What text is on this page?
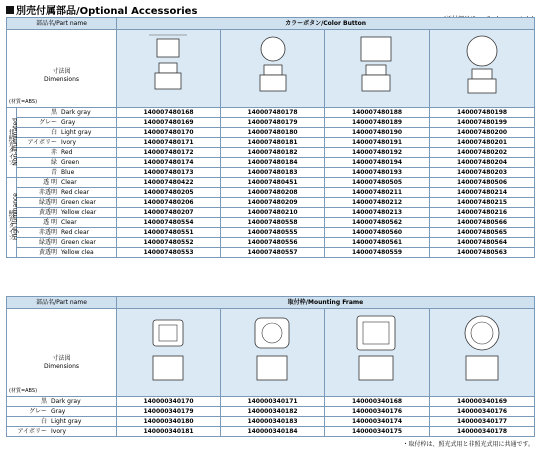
別売付属部品/Optional Accessories
部品名/Part name		カラーボタン/Color Button			

寸法図
Dimensions
(材質=ABS)

非照光タイプNon-illuminated	黒 Dark gray	140007480168	140007480178	140007480188	140007480198
	グレー Gray	140007480169	140007480179	140007480189	140007480199
	白 Light gray	140007480170	140007480180	140007480190	140007480200
	アイボリー Ivory	140007480171	140007480181	140007480191	140007480201
	赤 Red	140007480172	140007480182	140007480192	140007480202
	緑 Green	140007480174	140007480184	140007480194	140007480204
	青 Blue	140007480173	140007480183	140007480193	140007480203
照光タイプHigh luminance	透 明 Clear	140007480422	140007480451	140007480505	140007480506
	赤透明 Red clear	140007480205	140007480208	140007480211	140007480214
	緑透明 Green clear	140007480206	140007480209	140007480212	140007480215
	黄透明 Yellow clear	140007480207	140007480210	140007480213	140007480216
	透 明 Clear	140007480554	140007480558	140007480562	140007480566
	赤透明 Red clear	140007480551	140007480555	140007480560	140007480565
	緑透明 Green clear	140007480552	140007480556	140007480561	140007480564
	黄透明 Yellow clea	140007480553	140007480557	140007480559	140007480563
部品名/Part name	取付枠/Mounting Frame			

寸法図
Dimensions
(材質=ABS)

黒 Dark gray	140000340170	140000340171	140000340168	140000340169
グレー Gray	140000340179	140000340182	140000340176	140000340176
白 Light gray	140000340180	140000340183	140000340174	140000340177
アイボリー Ivory	140000340181	140000340184	140000340175	140000340178
・取付枠は、照光式用と非照光式用に共通です。
